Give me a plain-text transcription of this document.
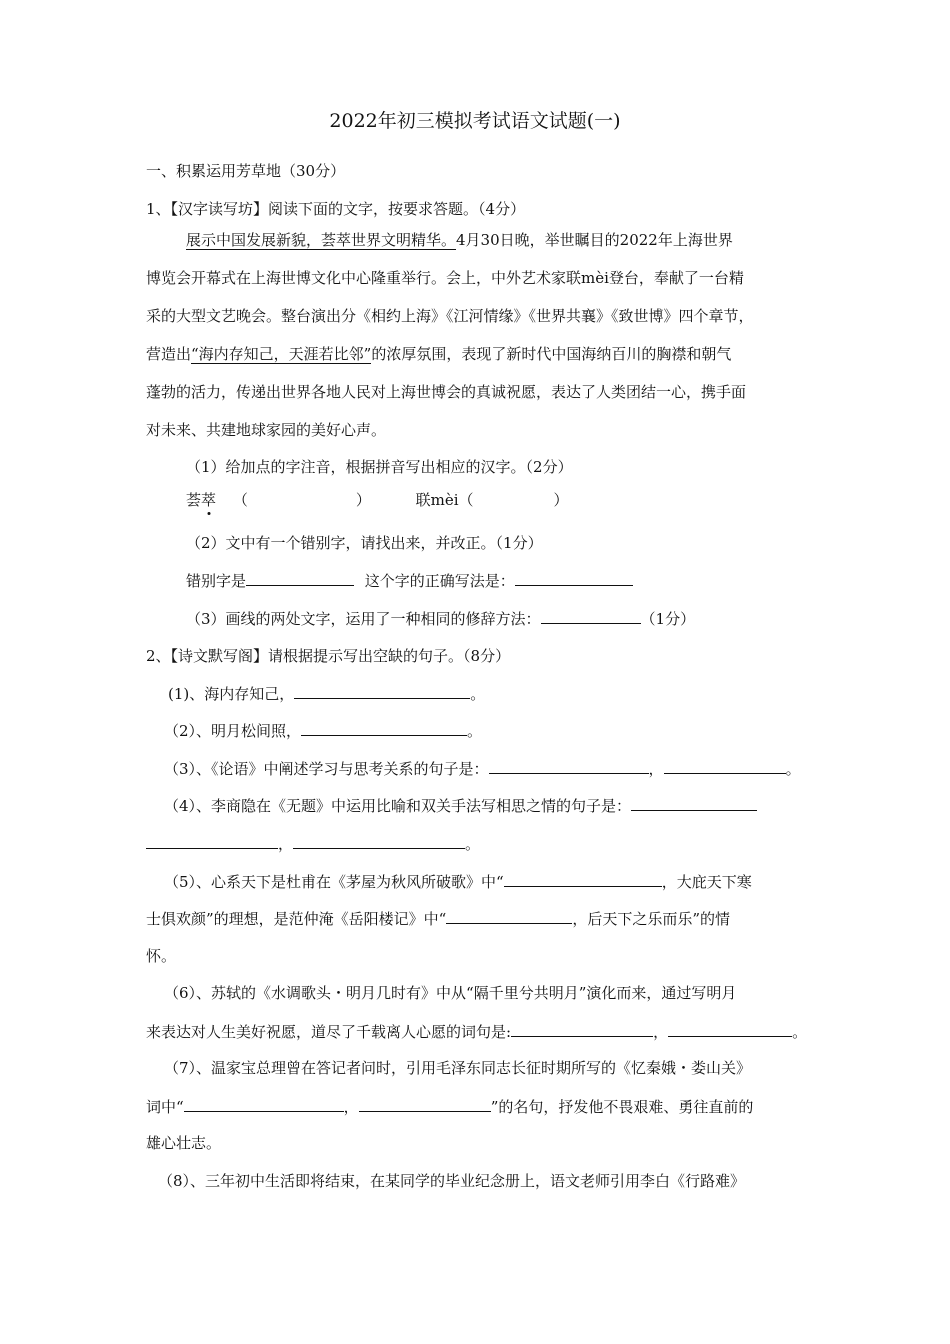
2022年初三模拟考试语文试题(一)
一、积累运用芳草地（30分）
1、【汉字读写坊】阅读下面的文字，按要求答题。（4分）
展示中国发展新貌，荟萃世界文明精华。4月30日晚，举世瞩目的2022年上海世界
博览会开幕式在上海世博文化中心隆重举行。会上，中外艺术家联mèi登台，奉献了一台精
采的大型文艺晚会。整台演出分《相约上海》《江河情缘》《世界共襄》《致世博》四个章节，
营造出“海内存知己，天涯若比邻”的浓厚氛围，表现了新时代中国海纳百川的胸襟和朝气
蓬勃的活力，传递出世界各地人民对上海世博会的真诚祝愿，表达了人类团结一心，携手面
对未来、共建地球家园的美好心声。
（1）给加点的字注音，根据拼音写出相应的汉字。（2分）
荟萃 （	）	联mèi（	）
（2）文中有一个错别字，请找出来，并改正。（1分）
错别字是	这个字的正确写法是：
（3）画线的两处文字，运用了一种相同的修辞方法：	（1分）
2、【诗文默写阁】请根据提示写出空缺的句子。（8分）
(1)、海内存知己，	。
（2）、明月松间照，	。
（3）、《论语》中阐述学习与思考关系的句子是：	，	。
（4）、李商隐在《无题》中运用比喻和双关手法写相思之情的句子是：
，	。
（5）、心系天下是杜甫在《茅屋为秋风所破歌》中“	，大庇天下寒
士俱欢颜”的理想，是范仲淹《岳阳楼记》中“	，后天下之乐而乐”的情
怀。
（6）、苏轼的《水调歌头・明月几时有》中从“隔千里兮共明月”演化而来，通过写明月
来表达对人生美好祝愿，道尽了千载离人心愿的词句是:	，	。
（7）、温家宝总理曾在答记者问时，引用毛泽东同志长征时期所写的《忆秦娥・娄山关》
词中“	，	”的名句，抒发他不畏艰难、勇往直前的
雄心壮志。
（8）、三年初中生活即将结束，在某同学的毕业纪念册上，语文老师引用李白《行路难》
